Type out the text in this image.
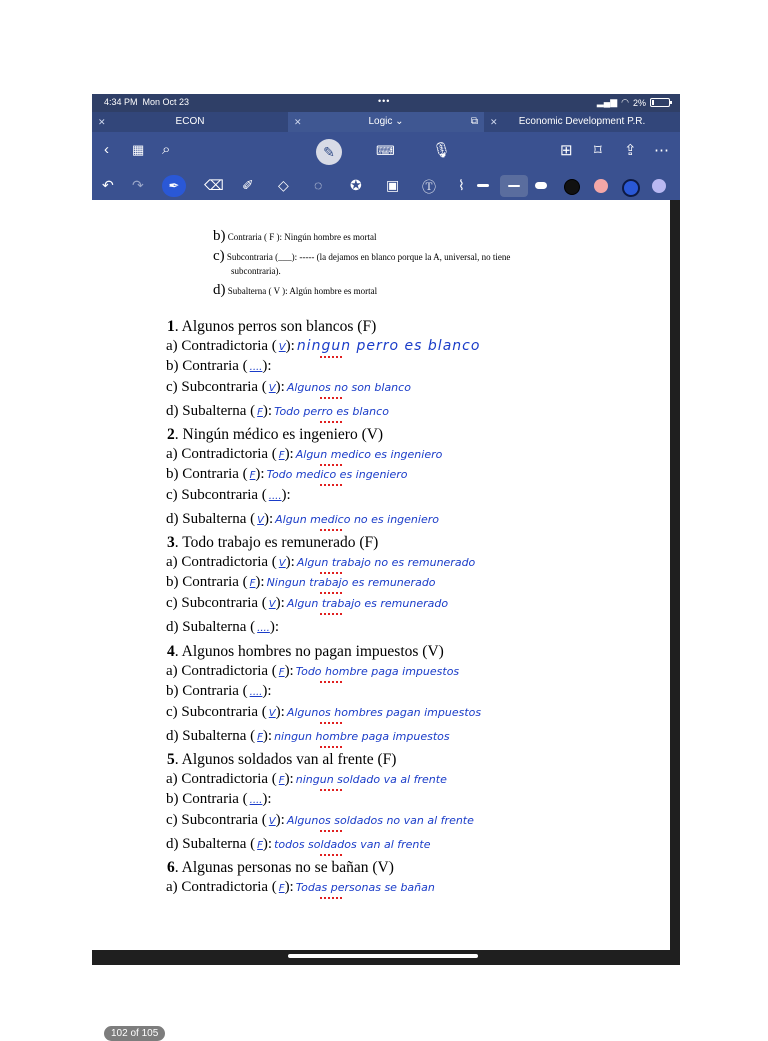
4:34 PM Mon Oct 23	•••	▂▄▆ ◠ 2%
✕	ECON	✕	Logic ⌄	⧉ ✕	Economic Development P.R.
‹ ▦ ⌕	✎	⌨ 🎙︎	⊞ ⌑ ⇪ ⋯
↶ ↷	✒	⌫ ✐ ◇ ◌ ✪ ▣ Ⓣ ⌇
b) Contraria ( F ): Ningún hombre es mortal
c) Subcontraria (___): ----- (la dejamos en blanco porque la A, universal, no tiene
subcontraria).
d) Subalterna ( V ): Algún hombre es mortal
1. Algunos perros son blancos (F)
a) Contradictoria ( V): ningun perro es blanco
b) Contraria ( ....):
c) Subcontraria ( V): Algunos no son blanco
d) Subalterna ( F): Todo perro es blanco
2. Ningún médico es ingeniero (V)
a) Contradictoria ( F): Algun medico es ingeniero
b) Contraria ( F): Todo medico es ingeniero
c) Subcontraria ( ....):
d) Subalterna ( V): Algun medico no es ingeniero
3. Todo trabajo es remunerado (F)
a) Contradictoria ( V): Algun trabajo no es remunerado
b) Contraria ( F): Ningun trabajo es remunerado
c) Subcontraria ( V): Algun trabajo es remunerado
d) Subalterna ( ....):
4. Algunos hombres no pagan impuestos (V)
a) Contradictoria ( F): Todo hombre paga impuestos
b) Contraria ( ....):
c) Subcontraria ( V): Algunos hombres pagan impuestos
d) Subalterna ( F): ningun hombre paga impuestos
5. Algunos soldados van al frente (F)
a) Contradictoria ( F): ningun soldado va al frente
b) Contraria ( ....):
c) Subcontraria ( V): Algunos soldados no van al frente
d) Subalterna ( F): todos soldados van al frente
6. Algunas personas no se bañan (V)
a) Contradictoria ( F): Todas personas se bañan
102 of 105
